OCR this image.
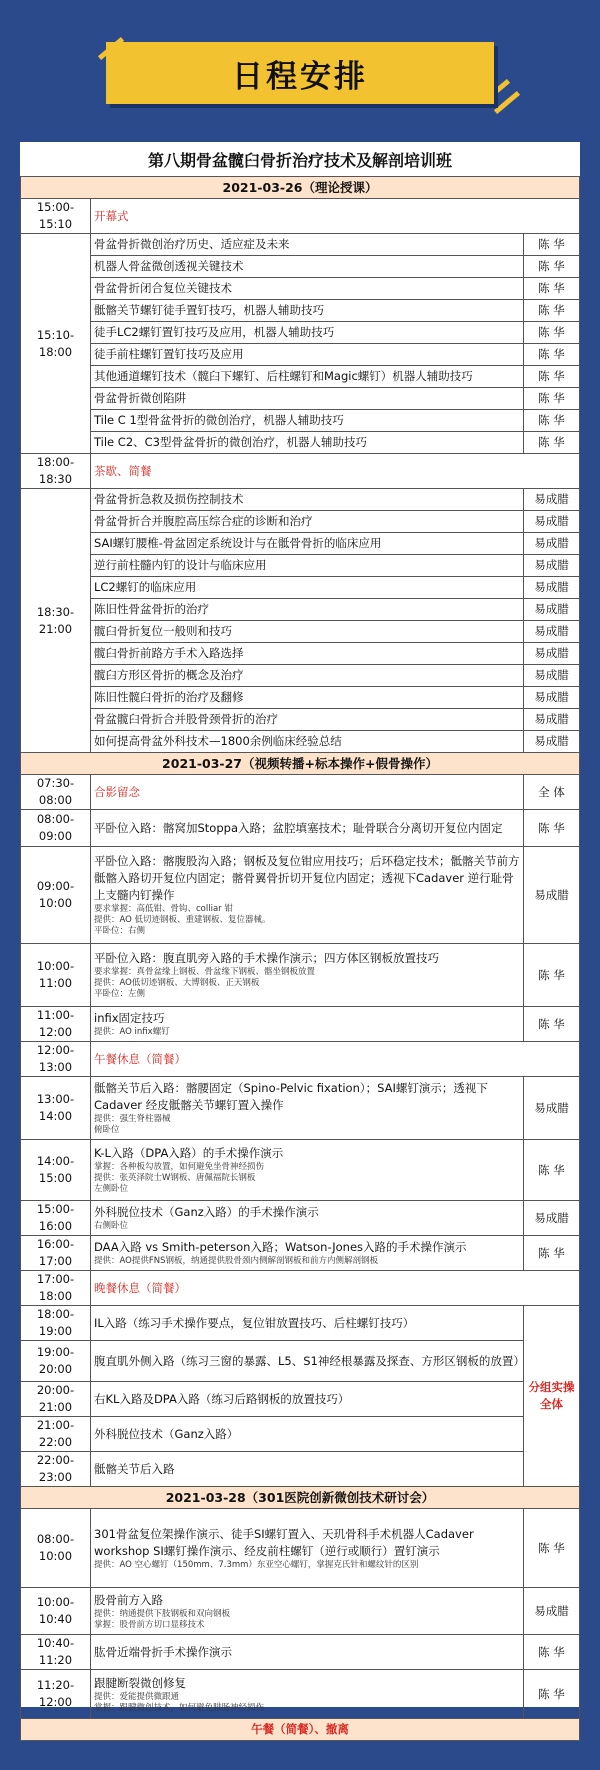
日程安排
第八期骨盆髋臼骨折治疗技术及解剖培训班
2021-03-26（理论授课）		
15:00-15:10	开幕式	
15:10-18:00	骨盆骨折微创治疗历史、适应症及未来	陈 华
	机器人骨盆微创透视关键技术	陈 华
	骨盆骨折闭合复位关键技术	陈 华
	骶髂关节螺钉徒手置钉技巧，机器人辅助技巧	陈 华
	徒手LC2螺钉置钉技巧及应用，机器人辅助技巧	陈 华
	徒手前柱螺钉置钉技巧及应用	陈 华
	其他通道螺钉技术（髋臼下螺钉、后柱螺钉和Magic螺钉）机器人辅助技巧	陈 华
	骨盆骨折微创陷阱	陈 华
	Tile C 1型骨盆骨折的微创治疗，机器人辅助技巧	陈 华
	Tile C2、C3型骨盆骨折的微创治疗，机器人辅助技巧	陈 华
18:00-18:30	茶歇、简餐	
18:30-21:00	骨盆骨折急救及损伤控制技术	易成腊
	骨盆骨折合并腹腔高压综合症的诊断和治疗	易成腊
	SAI螺钉腰椎-骨盆固定系统设计与在骶骨骨折的临床应用	易成腊
	逆行前柱髓内钉的设计与临床应用	易成腊
	LC2螺钉的临床应用	易成腊
	陈旧性骨盆骨折的治疗	易成腊
	髋臼骨折复位一般则和技巧	易成腊
	髋臼骨折前路方手术入路选择	易成腊
	髋臼方形区骨折的概念及治疗	易成腊
	陈旧性髋臼骨折的治疗及翻修	易成腊
	骨盆髋臼骨折合并股骨颈骨折的治疗	易成腊
	如何提高骨盆外科技术—1800余例临床经验总结	易成腊
2021-03-27（视频转播+标本操作+假骨操作）		
07:30-08:00	合影留念	全 体
08:00-09:00	平卧位入路：髂窝加Stoppa入路；盆腔填塞技术；耻骨联合分离切开复位内固定	陈 华
09:00-10:00	平卧位入路：髂腹股沟入路；钢板及复位钳应用技巧；后环稳定技术；骶髂关节前方骶髂入路切开复位内固定；髂骨翼骨折切开复位内固定；透视下Cadaver 逆行耻骨上支髓内钉操作
要求掌握：高低钳、骨钩、colliar 钳
提供：AO 低切迹钢板、重建钢板、复位器械。
平卧位：右侧	易成腊
10:00-11:00	平卧位入路：腹直肌旁入路的手术操作演示；四方体区钢板放置技巧
要求掌握：真骨盆缘上钢板、骨盆缘下钢板、髂坐钢板放置
提供：AO低切迹钢板、大博钢板、正天钢板
平卧位：左侧	陈 华
11:00-12:00	infix固定技巧
提供：AO infix螺钉	陈 华
12:00-13:00	午餐休息（简餐）	
13:00-14:00	骶髂关节后入路：髂腰固定（Spino-Pelvic fixation）；SAI螺钉演示；透视下Cadaver 经皮骶髂关节螺钉置入操作
提供：强生脊柱器械
俯卧位	易成腊
14:00-15:00	K-L入路（DPA入路）的手术操作演示
掌握：各种板勾放置，如何避免坐骨神经损伤
提供：张英泽院士W钢板、唐佩福院长钢板
左侧卧位	陈 华
15:00-16:00	外科脱位技术（Ganz入路）的手术操作演示
右侧卧位	易成腊
16:00-17:00	DAA入路 vs Smith-peterson入路；Watson-Jones入路的手术操作演示
提供：AO提供FNS钢板，纳通提供股骨颈内侧解剖钢板和前方内侧解剖钢板	陈 华
17:00-18:00	晚餐休息（简餐）	
18:00-19:00	IL入路（练习手术操作要点，复位钳放置技巧、后柱螺钉技巧）	分组实操全体
19:00-20:00	腹直肌外侧入路（练习三窗的暴露、L5、S1神经根暴露及探查、方形区钢板的放置）	
20:00-21:00	右KL入路及DPA入路（练习后路钢板的放置技巧）	
21:00-22:00	外科脱位技术（Ganz入路）	
22:00-23:00	骶髂关节后入路	
2021-03-28（301医院创新微创技术研讨会）		
08:00-10:00	301骨盆复位架操作演示、徒手SI螺钉置入、天玑骨科手术机器人Cadaver workshop SI螺钉操作演示、经皮前柱螺钉（逆行或顺行）置钉演示
提供：AO 空心螺钉（150mm、7.3mm）东亚空心螺钉，掌握克氏针和螺纹针的区别	陈 华
10:00-10:40	股骨前方入路
提供：纳通提供下肢钢板和双向钢板
掌握：股骨前方切口显移技术	易成腊
10:40-11:20	肱骨近端骨折手术操作演示	陈 华
11:20-12:00	跟腱断裂微创修复
提供：爱能提供微跟通
掌握：跟腱微创技术，如何避免腓肠神经损伤	陈 华
午餐（简餐）、撤离		
